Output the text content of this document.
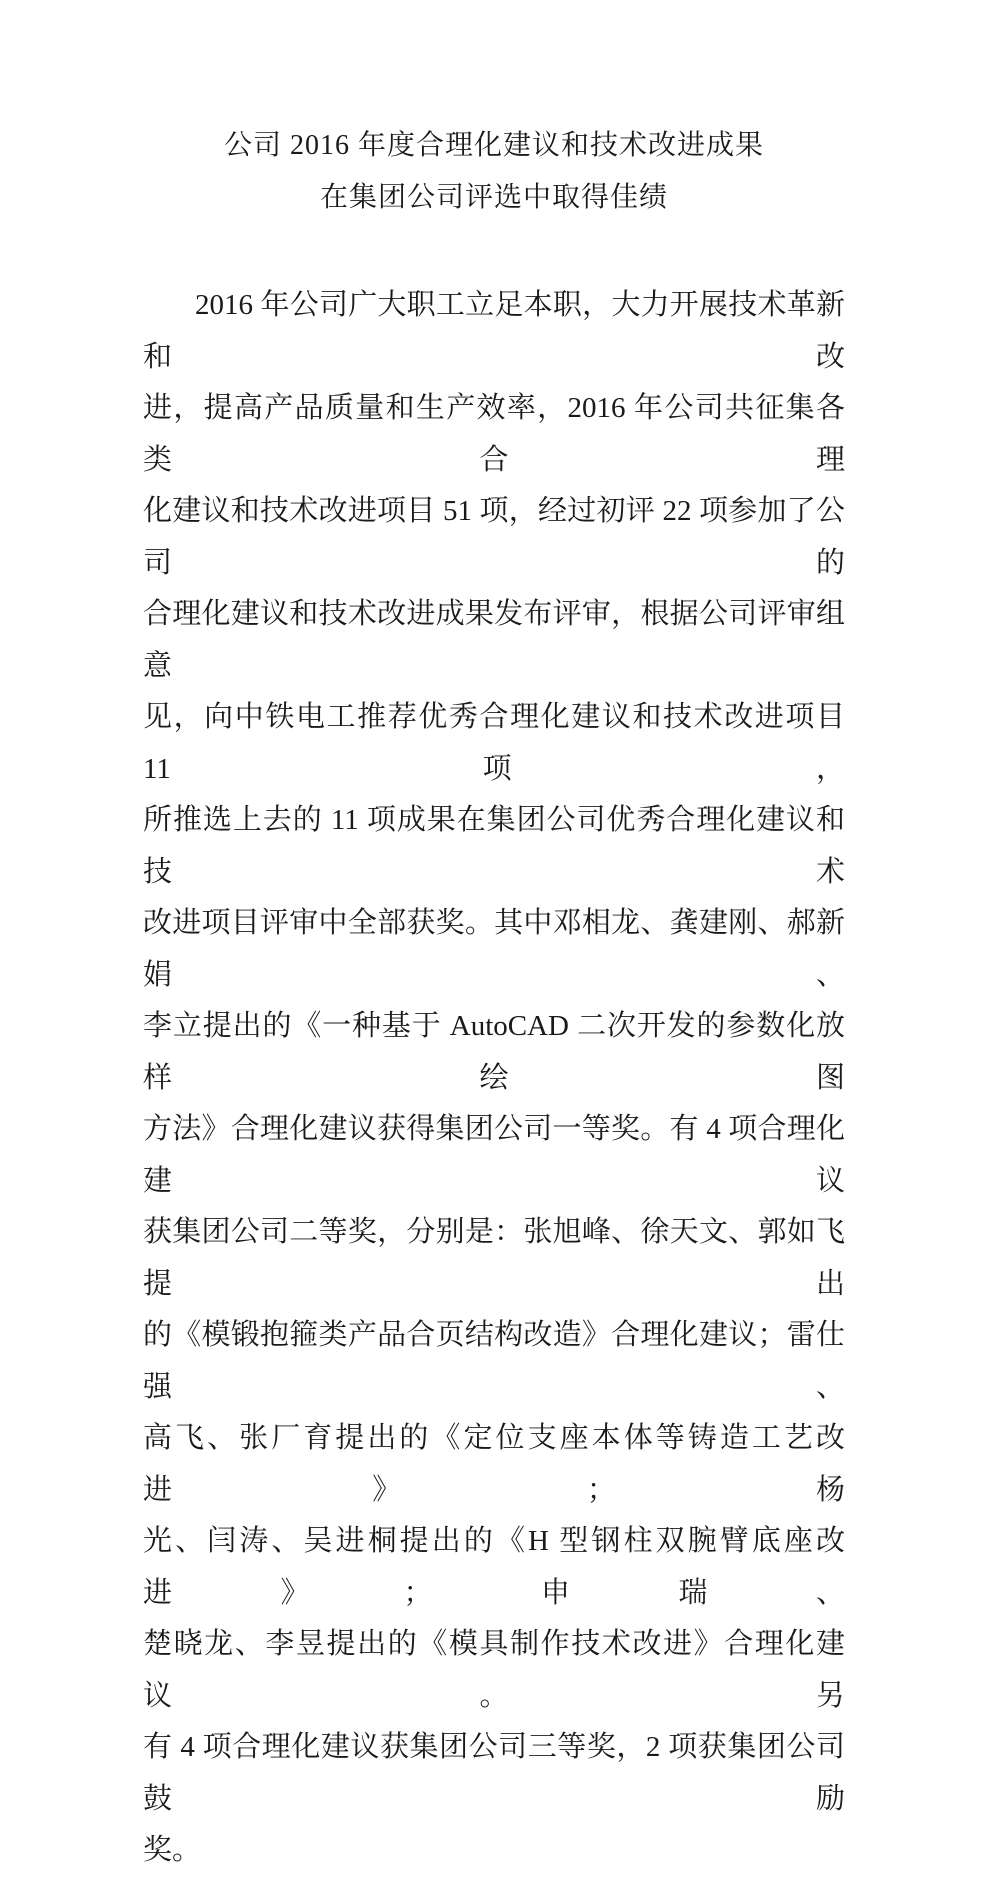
公司 2016 年度合理化建议和技术改进成果
在集团公司评选中取得佳绩
2016 年公司广大职工立足本职，大力开展技术革新和改
进，提高产品质量和生产效率，2016 年公司共征集各类合理
化建议和技术改进项目 51 项，经过初评 22 项参加了公司的
合理化建议和技术改进成果发布评审，根据公司评审组意
见，向中铁电工推荐优秀合理化建议和技术改进项目 11 项，
所推选上去的 11 项成果在集团公司优秀合理化建议和技术
改进项目评审中全部获奖。其中邓相龙、龚建刚、郝新娟、
李立提出的《一种基于 AutoCAD 二次开发的参数化放样绘图
方法》合理化建议获得集团公司一等奖。有 4 项合理化建议
获集团公司二等奖，分别是：张旭峰、徐天文、郭如飞提出
的《模锻抱箍类产品合页结构改造》合理化建议；雷仕强、
高飞、张厂育提出的《定位支座本体等铸造工艺改进》；杨
光、闫涛、吴进桐提出的《H 型钢柱双腕臂底座改进》；申瑞、
楚晓龙、李昱提出的《模具制作技术改进》合理化建议。另
有 4 项合理化建议获集团公司三等奖，2 项获集团公司鼓励
奖。
